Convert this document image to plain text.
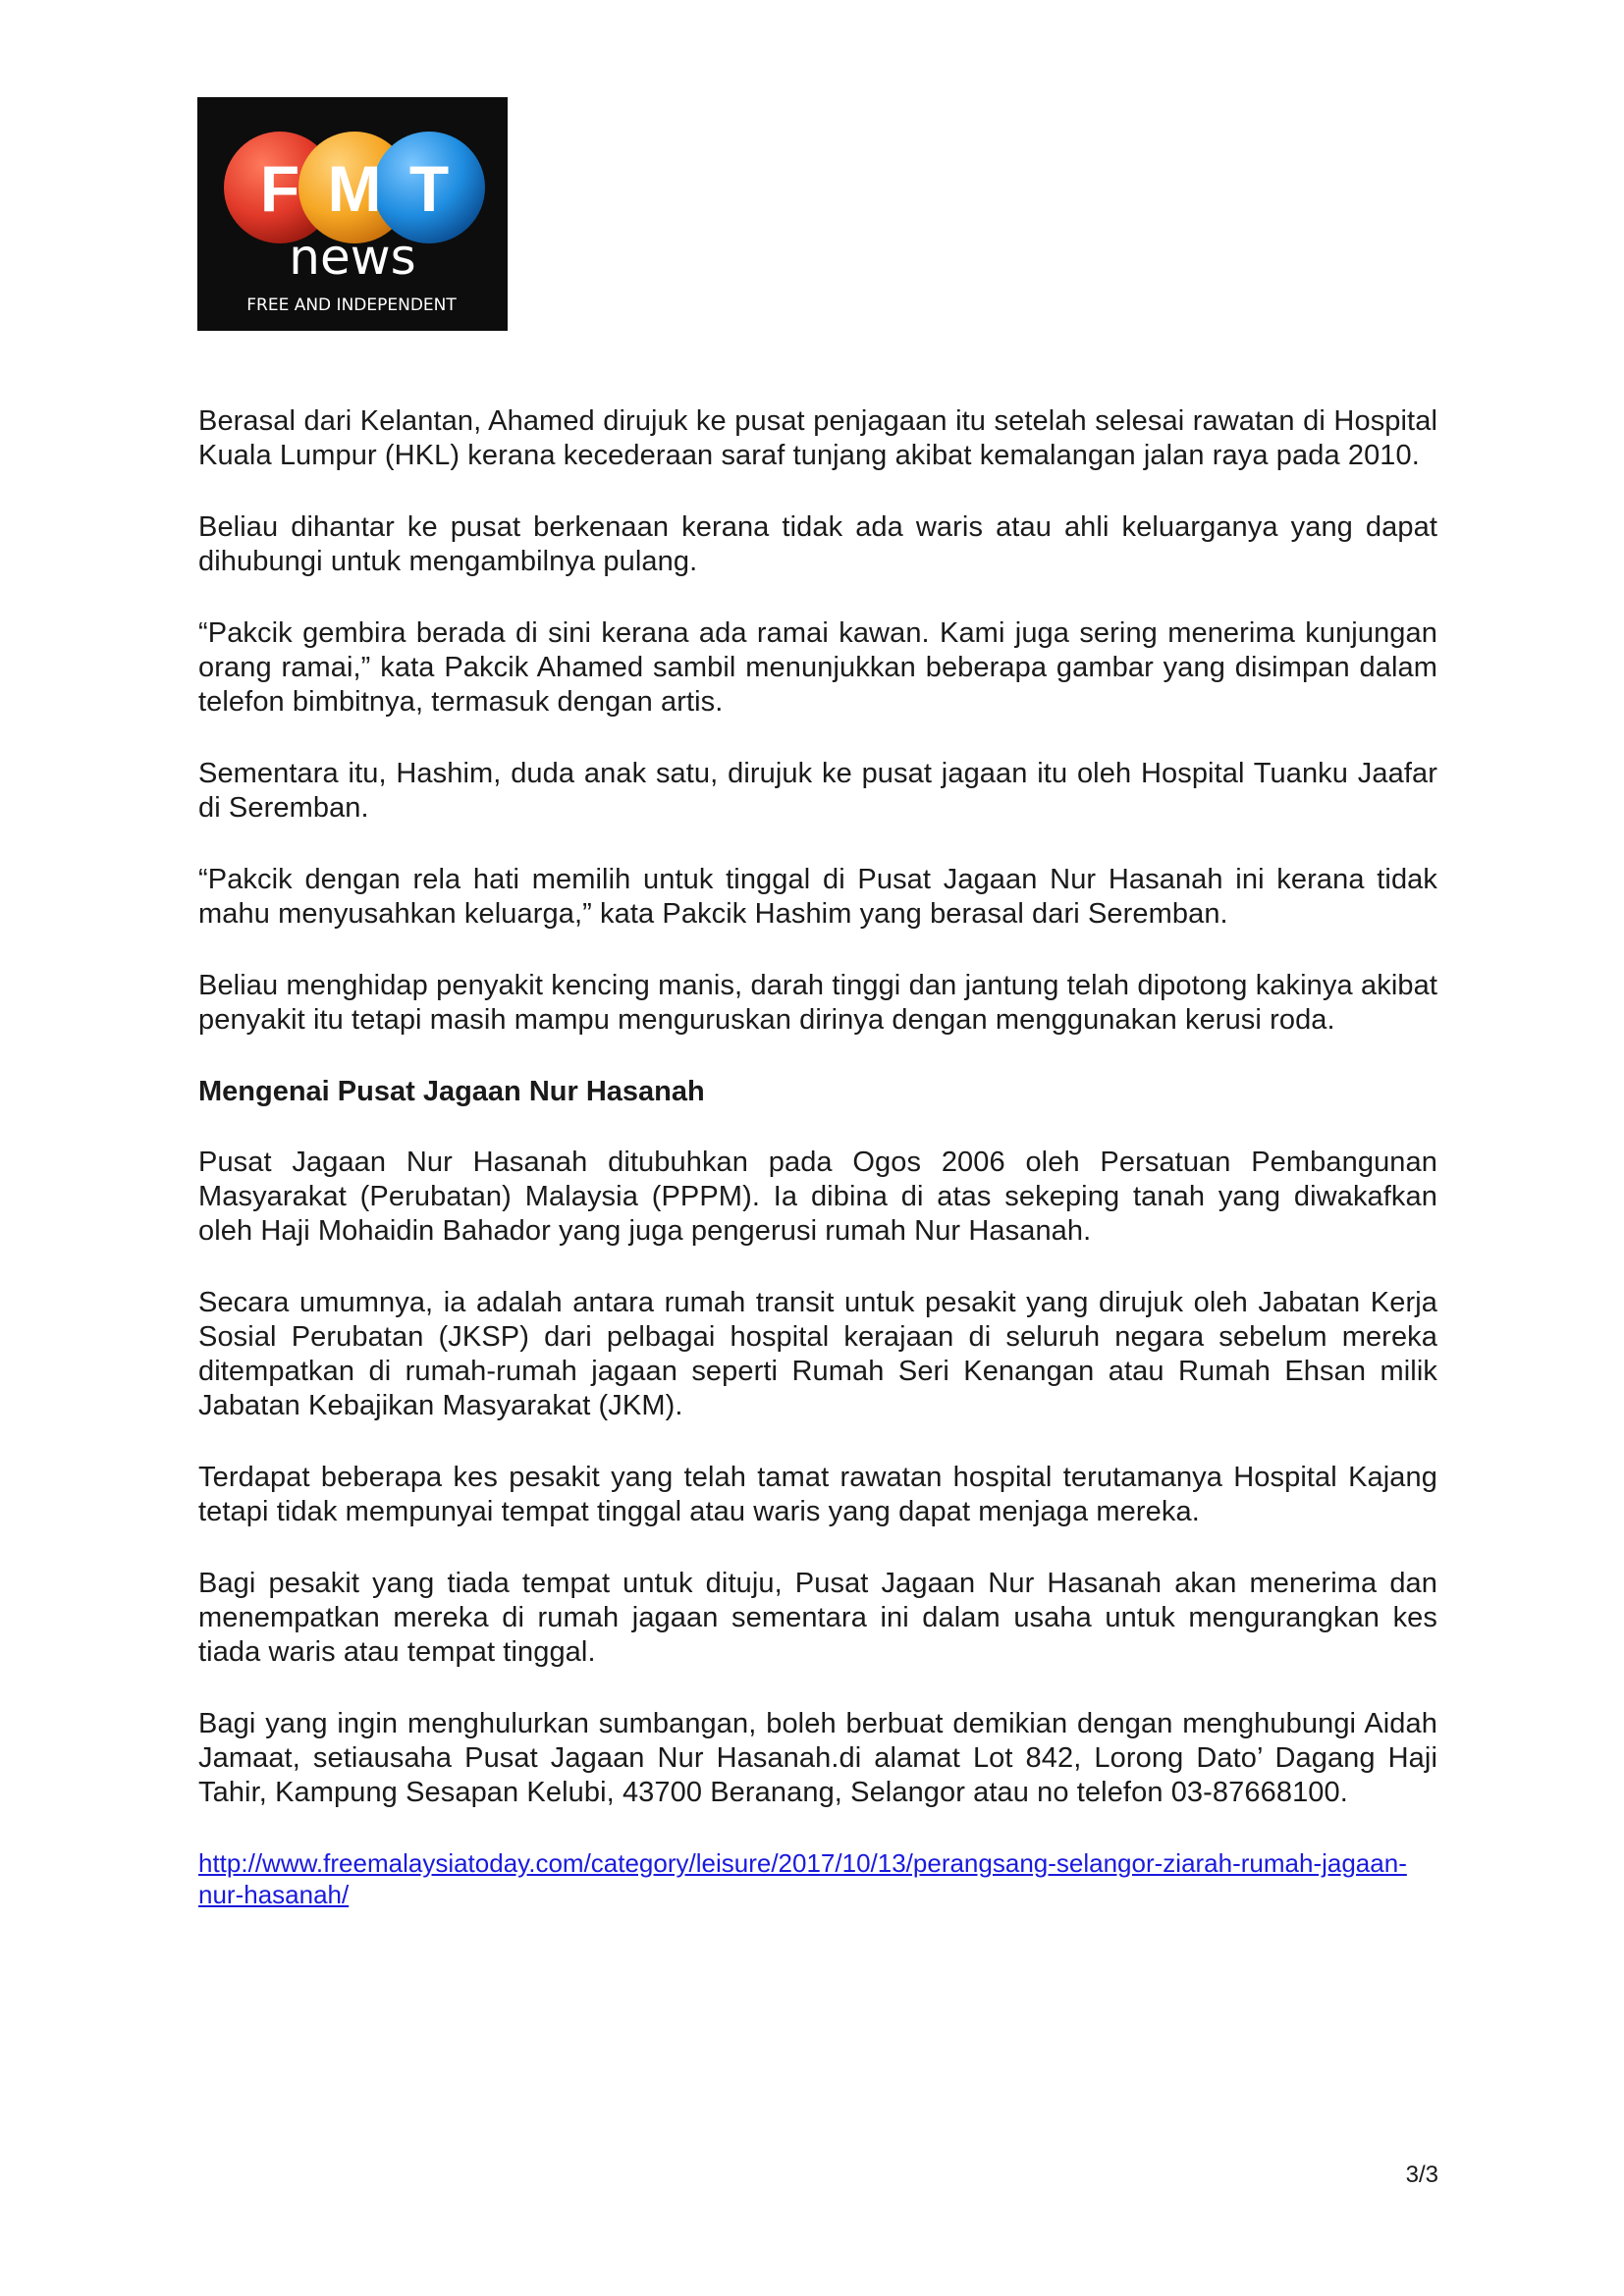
F M T
news
FREE AND INDEPENDENT

Berasal dari Kelantan, Ahamed dirujuk ke pusat penjagaan itu setelah selesai rawatan di Hospital Kuala Lumpur (HKL) kerana kecederaan saraf tunjang akibat kemalangan jalan raya pada 2010.

Beliau dihantar ke pusat berkenaan kerana tidak ada waris atau ahli keluarganya yang dapat dihubungi untuk mengambilnya pulang.

“Pakcik gembira berada di sini kerana ada ramai kawan. Kami juga sering menerima kunjungan orang ramai,” kata Pakcik Ahamed sambil menunjukkan beberapa gambar yang disimpan dalam telefon bimbitnya, termasuk dengan artis.

Sementara itu, Hashim, duda anak satu, dirujuk ke pusat jagaan itu oleh Hospital Tuanku Jaafar di Seremban.

“Pakcik dengan rela hati memilih untuk tinggal di Pusat Jagaan Nur Hasanah ini kerana tidak mahu menyusahkan keluarga,” kata Pakcik Hashim yang berasal dari Seremban.

Beliau menghidap penyakit kencing manis, darah tinggi dan jantung telah dipotong kakinya akibat penyakit itu tetapi masih mampu menguruskan dirinya dengan menggunakan kerusi roda.

Mengenai Pusat Jagaan Nur Hasanah

Pusat Jagaan Nur Hasanah ditubuhkan pada Ogos 2006 oleh Persatuan Pembangunan Masyarakat (Perubatan) Malaysia (PPPM). Ia dibina di atas sekeping tanah yang diwakafkan oleh Haji Mohaidin Bahador yang juga pengerusi rumah Nur Hasanah.

Secara umumnya, ia adalah antara rumah transit untuk pesakit yang dirujuk oleh Jabatan Kerja Sosial Perubatan (JKSP) dari pelbagai hospital kerajaan di seluruh negara sebelum mereka ditempatkan di rumah-rumah jagaan seperti Rumah Seri Kenangan atau Rumah Ehsan milik Jabatan Kebajikan Masyarakat (JKM).

Terdapat beberapa kes pesakit yang telah tamat rawatan hospital terutamanya Hospital Kajang tetapi tidak mempunyai tempat tinggal atau waris yang dapat menjaga mereka.

Bagi pesakit yang tiada tempat untuk dituju, Pusat Jagaan Nur Hasanah akan menerima dan menempatkan mereka di rumah jagaan sementara ini dalam usaha untuk mengurangkan kes tiada waris atau tempat tinggal.

Bagi yang ingin menghulurkan sumbangan, boleh berbuat demikian dengan menghubungi Aidah Jamaat, setiausaha Pusat Jagaan Nur Hasanah.di alamat Lot 842, Lorong Dato’ Dagang Haji Tahir, Kampung Sesapan Kelubi, 43700 Beranang, Selangor atau no telefon 03-87668100.

http://www.freemalaysiatoday.com/category/leisure/2017/10/13/perangsang-selangor-ziarah-rumah-jagaan-nur-hasanah/
3/3
